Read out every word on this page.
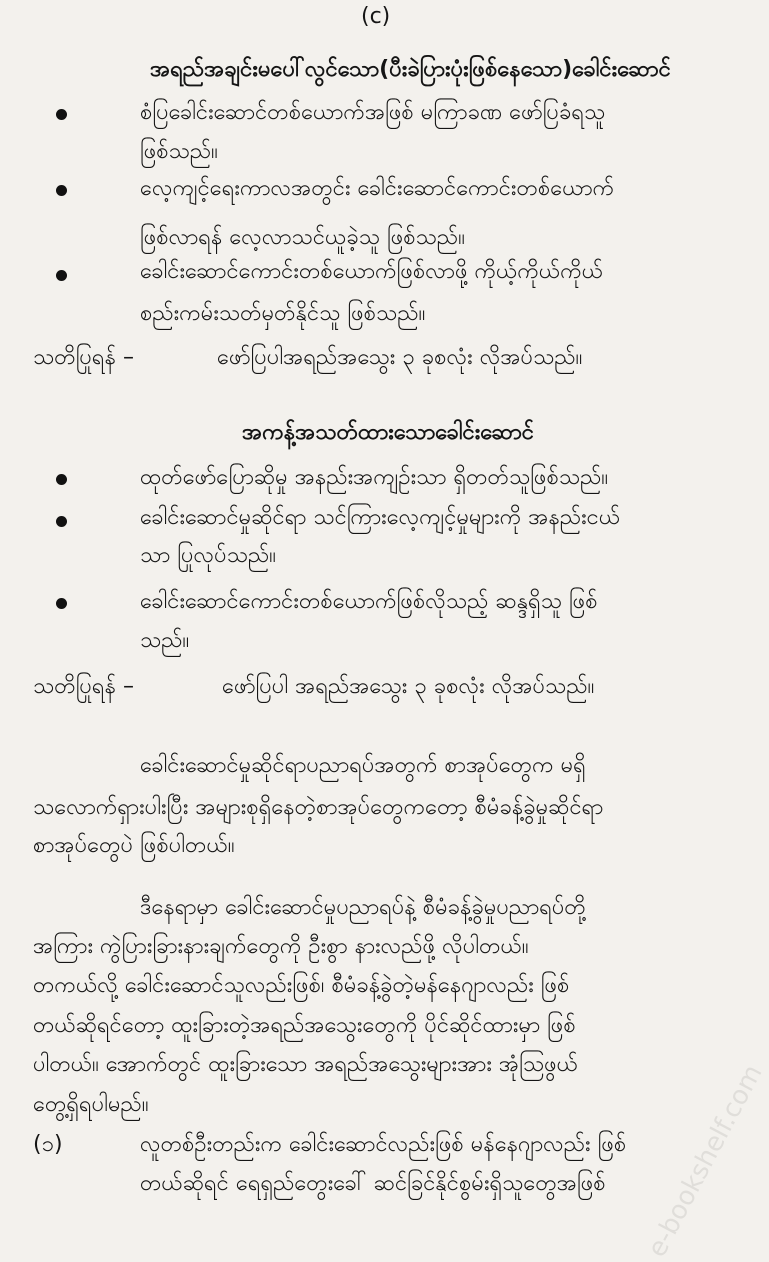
(c)
အရည်အချင်းမပေါ်လွင်သော(ပီးခဲပြားပုံးဖြစ်နေသော)ခေါင်းဆောင်
စံပြခေါင်းဆောင်တစ်ယောက်အဖြစ် မကြာခဏ ဖော်ပြခံရသူ
ဖြစ်သည်။
လေ့ကျင့်ရေးကာလအတွင်း ခေါင်းဆောင်ကောင်းတစ်ယောက်
ဖြစ်လာရန် လေ့လာသင်ယူခဲ့သူ ဖြစ်သည်။
ခေါင်းဆောင်ကောင်းတစ်ယောက်ဖြစ်လာဖို့ ကိုယ့်ကိုယ်ကိုယ်
စည်းကမ်းသတ်မှတ်နိုင်သူ ဖြစ်သည်။
သတိပြုရန် –	ဖော်ပြပါအရည်အသွေး ၃ ခုစလုံး လိုအပ်သည်။
အကန့်အသတ်ထားသောခေါင်းဆောင်
ထုတ်ဖော်ပြောဆိုမှု အနည်းအကျဉ်းသာ ရှိတတ်သူဖြစ်သည်။
ခေါင်းဆောင်မှုဆိုင်ရာ သင်ကြားလေ့ကျင့်မှုများကို အနည်းငယ်
သာ ပြုလုပ်သည်။
ခေါင်းဆောင်ကောင်းတစ်ယောက်ဖြစ်လိုသည့် ဆန္ဒရှိသူ ဖြစ်
သည်။
သတိပြုရန် –	ဖော်ပြပါ အရည်အသွေး ၃ ခုစလုံး လိုအပ်သည်။
ခေါင်းဆောင်မှုဆိုင်ရာပညာရပ်အတွက် စာအုပ်တွေက မရှိ
သလောက်ရှားပါးပြီး အများစုရှိနေတဲ့စာအုပ်တွေကတော့ စီမံခန့်ခွဲမှုဆိုင်ရာ
စာအုပ်တွေပဲ ဖြစ်ပါတယ်။
ဒီနေရာမှာ ခေါင်းဆောင်မှုပညာရပ်နဲ့ စီမံခန့်ခွဲမှုပညာရပ်တို့
အကြား ကွဲပြားခြားနားချက်တွေကို ဦးစွာ နားလည်ဖို့ လိုပါတယ်။
တကယ်လို့ ခေါင်းဆောင်သူလည်းဖြစ်၊ စီမံခန့်ခွဲတဲ့မန်နေဂျာလည်း ဖြစ်
တယ်ဆိုရင်တော့ ထူးခြားတဲ့အရည်အသွေးတွေကို ပိုင်ဆိုင်ထားမှာ ဖြစ်
ပါတယ်။ အောက်တွင် ထူးခြားသော အရည်အသွေးများအား အုံသြဖွယ်
တွေ့ရှိရပါမည်။
(၁)	လူတစ်ဦးတည်းက ခေါင်းဆောင်လည်းဖြစ် မန်နေဂျာလည်း ဖြစ်
တယ်ဆိုရင် ရေရှည်တွေးခေါ် ဆင်ခြင်နိုင်စွမ်းရှိသူတွေအဖြစ် e-bookshelf.com
